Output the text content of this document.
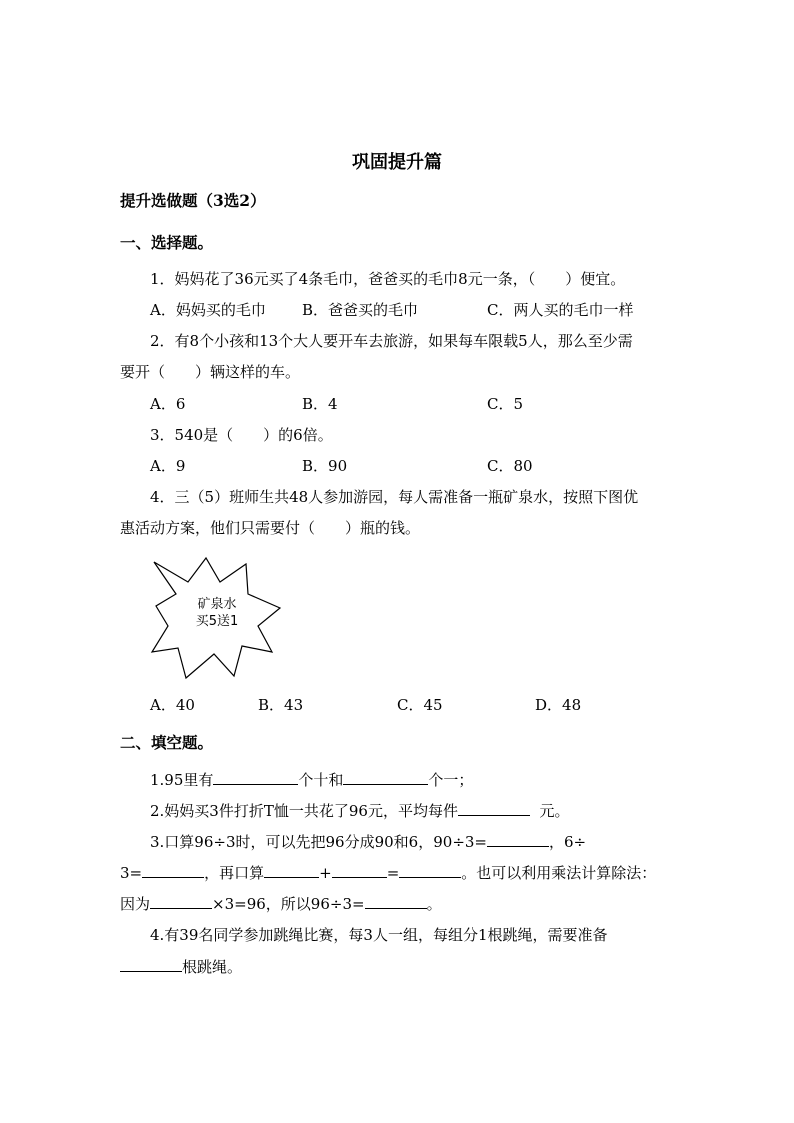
巩固提升篇
提升选做题（3选2）
一、选择题。
1．妈妈花了36元买了4条毛巾，爸爸买的毛巾8元一条，（　　）便宜。
A．妈妈买的毛巾 B．爸爸买的毛巾	C．两人买的毛巾一样
2．有8个小孩和13个大人要开车去旅游，如果每车限载5人，那么至少需
要开（　　）辆这样的车。
A．6	B．4	C．5
3．540是（　　）的6倍。
A．9	B．90	C．80
4．三（5）班师生共48人参加游园，每人需准备一瓶矿泉水，按照下图优
惠活动方案，他们只需要付（　　）瓶的钱。
矿泉水
买5送1
A．40	B．43	C．45	D．48
二、填空题。
1.95里有	个十和	个一；
2.妈妈买3件打折T恤一共花了96元，平均每件	元。
3.口算96÷3时，可以先把96分成90和6，90÷3=	，6÷
3=	，再口算	+	=	。也可以利用乘法计算除法：
因为	×3=96，所以96÷3=	。
4.有39名同学参加跳绳比赛，每3人一组，每组分1根跳绳，需要准备
根跳绳。
